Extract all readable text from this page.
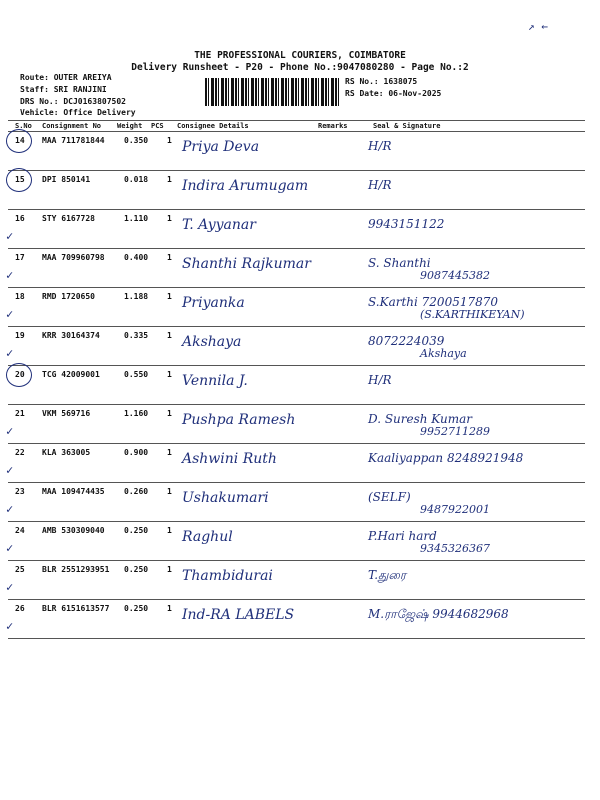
THE PROFESSIONAL COURIERS, COIMBATORE
Delivery Runsheet - P20 - Phone No.:9047080280 - Page No.:2
Route: OUTER AREIYA
Staff: SRI RANJINI
DRS No.: DCJ0163807502
Vehicle: Office Delivery
RS No.: 1638075
RS Date: 06-Nov-2025
↗ ←
S.No Consignment No Weight PCS Consignee Details	Remarks	Seal & Signature
14 MAA 711781844 0.350 1 Priya Deva	H/R
15 DPI 850141	0.018 1 Indira Arumugam	H/R
16 STY 6167728	1.110 1 T. Ayyanar	9943151122
✓
17 MAA 709960798 0.400 1 Shanthi Rajkumar	S. Shanthi
9087445382
✓
18 RMD 1720650	1.188 1 Priyanka	S.Karthi 7200517870
(S.KARTHIKEYAN)
✓
19 KRR 30164374	0.335 1 Akshaya	8072224039
Akshaya
✓
20 TCG 42009001	0.550 1 Vennila J.	H/R
21 VKM 569716	1.160 1 Pushpa Ramesh	D. Suresh Kumar
9952711289
✓
22 KLA 363005	0.900 1 Ashwini Ruth	Kaaliyappan 8248921948
✓
23 MAA 109474435 0.260 1 Ushakumari	(SELF)
9487922001
✓
24 AMB 530309040 0.250 1 Raghul	P.Hari hard
9345326367
✓
25 BLR 2551293951 0.250 1 Thambidurai	T.துரை
✓
26 BLR 6151613577 0.250 1 Ind-RA LABELS	M.ராஜேஷ் 9944682968
✓
